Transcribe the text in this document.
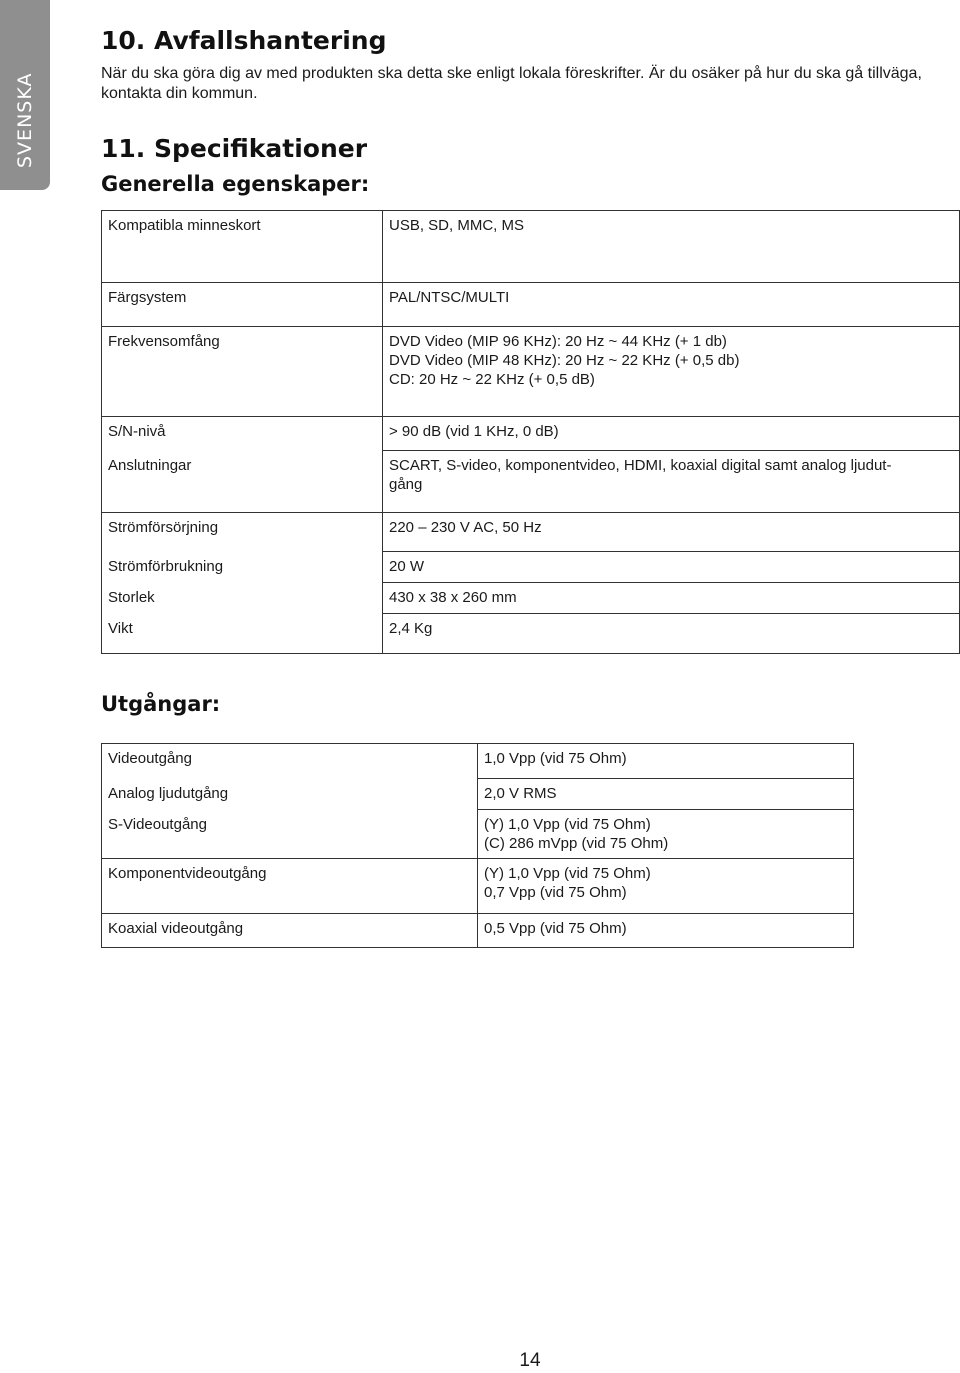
SVENSKA
10. Avfallshantering

När du ska göra dig av med produkten ska detta ske enligt lokala föreskrifter. Är du osäker på hur du ska gå tillväga, kontakta din kommun.

11. Specifikationer
Generella egenskaper:
Kompatibla minneskort	USB, SD, MMC, MS
Färgsystem	PAL/NTSC/MULTI
Frekvensomfång	DVD Video (MIP 96 KHz): 20 Hz ~ 44 KHz (+ 1 db)
DVD Video (MIP 48 KHz): 20 Hz ~ 22 KHz (+ 0,5 db)
CD: 20 Hz ~ 22 KHz (+ 0,5 dB)
S/N-nivå	> 90 dB (vid 1 KHz, 0 dB)
Anslutningar	SCART, S-video, komponentvideo, HDMI, koaxial digital samt analog ljudut-
gång
Strömförsörjning	220 – 230 V AC, 50 Hz
Strömförbrukning	20 W
Storlek	430 x 38 x 260 mm
Vikt	2,4 Kg
Utgångar:
Videoutgång	1,0 Vpp (vid 75 Ohm)
Analog ljudutgång	2,0 V RMS
S-Videoutgång	(Y) 1,0 Vpp (vid 75 Ohm)
(C) 286 mVpp (vid 75 Ohm)
Komponentvideoutgång	(Y) 1,0 Vpp (vid 75 Ohm)
0,7 Vpp (vid 75 Ohm)
Koaxial videoutgång	0,5 Vpp (vid 75 Ohm)
14
